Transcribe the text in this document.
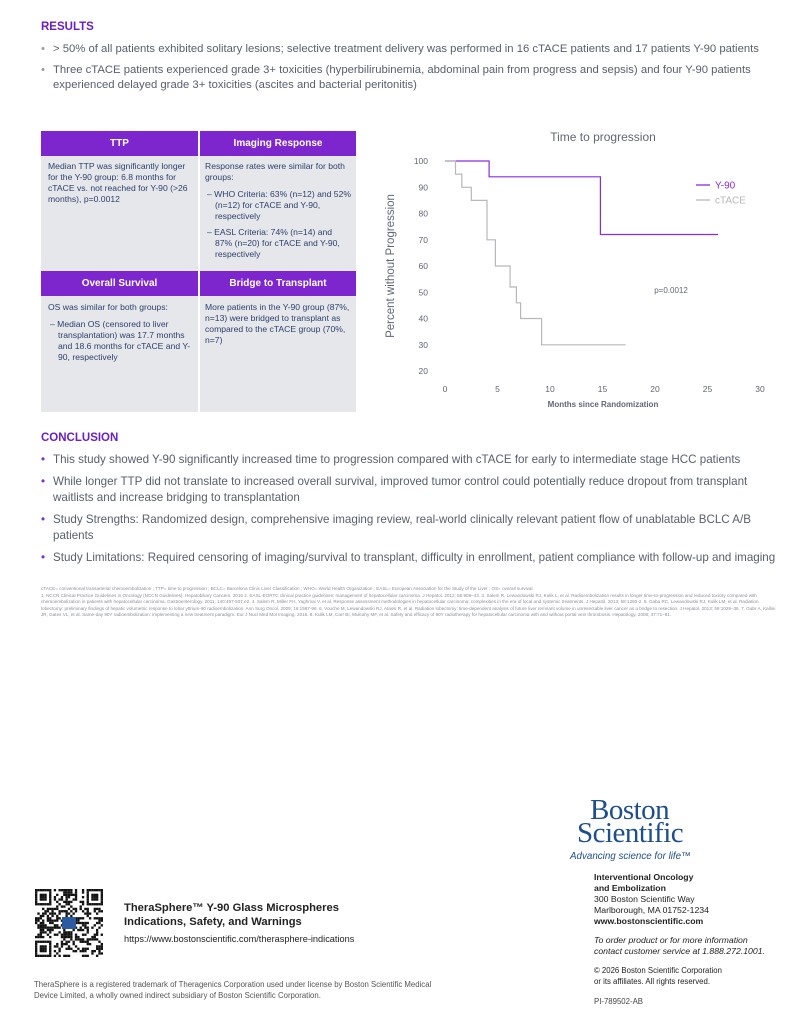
RESULTS
• > 50% of all patients exhibited solitary lesions; selective treatment delivery was performed in 16 cTACE patients and 17 patients Y-90 patients
• Three cTACE patients experienced grade 3+ toxicities (hyperbilirubinemia, abdominal pain from progress and sepsis) and four Y-90 patients experienced delayed grade 3+ toxicities (ascites and bacterial peritonitis)
TTP	Imaging Response
Overall Survival	Bridge to Transplant

Median TTP was significantly longer for the Y-90 group: 6.8 months for cTACE vs. not reached for Y-90 (>26 months), p=0.0012

Response rates were similar for both groups:

– WHO Criteria: 63% (n=12) and 52% (n=12) for cTACE and Y-90, respectively

– EASL Criteria: 74% (n=14) and 87% (n=20) for cTACE and Y-90, respectively

OS was similar for both groups:

– Median OS (censored to liver transplantation) was 17.7 months and 18.6 months for cTACE and Y-90, respectively

More patients in the Y-90 group (87%, n=13) were bridged to transplant as compared to the cTACE group (70%, n=7)

Time to progression
Percent without Progression
Months since Randomization
20
30
40
50
60
70
80
90
100
0	5	10	15	20	25	30
Y-90
cTACE
p=0.0012
CONCLUSION
• This study showed Y-90 significantly increased time to progression compared with cTACE for early to intermediate stage HCC patients
• While longer TTP did not translate to increased overall survival, improved tumor control could potentially reduce dropout from transplant waitlists and increase bridging to transplantation
• Study Strengths: Randomized design, comprehensive imaging review, real-world clinically relevant patient flow of unablatable BCLC A/B patients
• Study Limitations: Required censoring of imaging/survival to transplant, difficulty in enrollment, patient compliance with follow-up and imaging

cTACE= conventional transarterial chemoembolization ; TTP= time to progression ; BCLC= Barcelona Clinic Liver Classification ; WHO= World Health Organization ; EASL= European Association for the Study of the Liver ; OS= overall survival

1. NCCN Clinical Practice Guidelines in Oncology (NCCN Guidelines). Hepatobiliary Cancers. 2016 2. EASL-EORTC clinical practice guidelines: management of hepatocellular carcinoma. J Hepatol. 2012; 56:908–43. 3. Salem R, Lewandowski RJ, Kulik L, et al. Radioembolization results in longer time-to-progression and reduced toxicity compared with chemoembolization in patients with hepatocellular carcinoma. Gastroenterology. 2011; 140:497-507.e2. 4. Salem R, Miller FH, Yaghmai V, et al. Response assessment methodologies in hepatocellular carcinoma: complexities in the era of local and systemic treatments. J Hepatol. 2013; 58:1260-2. 5. Gaba RC, Lewandowski RJ, Kulik LM, et al. Radiation lobectomy: preliminary findings of hepatic volumetric response to lobar yttrium-90 radioembolization. Ann Surg Oncol. 2009; 16:1587-96. 6. Vouche M, Lewandowski RJ, Atassi R, et al. Radiation lobectomy: time-dependent analysis of future liver remnant volume in unresectable liver cancer as a bridge to resection. J Hepatol. 2013; 59:1029–36. 7. Gabr A, Kallini JR, Gates VL, et al. Same-day 90Y radioembolization: implementing a new treatment paradigm. Eur J Nucl Med Mol Imaging. 2016. 8. Kulik LM, Carr BI, Mulcahy MF, et al. Safety and efficacy of 90Y radiotherapy for hepatocellular carcinoma with and without portal vein thrombosis. Hepatology. 2008; 47:71–81.

Boston
Scientific
Advancing science for life™
TheraSphere™ Y-90 Glass Microspheres
Indications, Safety, and Warnings
https://www.bostonscientific.com/therasphere-indications
Interventional Oncology
and Embolization
300 Boston Scientific Way
Marlborough, MA 01752-1234
www.bostonscientific.com
To order product or for more information
contact customer service at 1.888.272.1001.
© 2026 Boston Scientific Corporation
or its affiliates. All rights reserved.
PI-789502-AB
TheraSphere is a registered trademark of Theragenics Corporation used under license by Boston Scientific Medical Device Limited, a wholly owned indirect subsidiary of Boston Scientific Corporation.
